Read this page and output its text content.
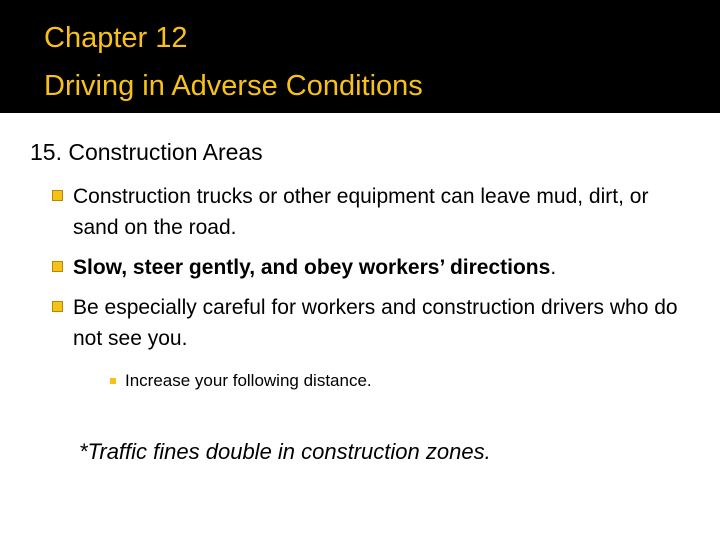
Chapter 12
Driving in Adverse Conditions
15. Construction Areas
Construction trucks or other equipment can leave mud, dirt, or sand on the road.
Slow, steer gently, and obey workers’ directions.
Be especially careful for workers and construction drivers who do not see you.
Increase your following distance.
*Traffic fines double in construction zones.
